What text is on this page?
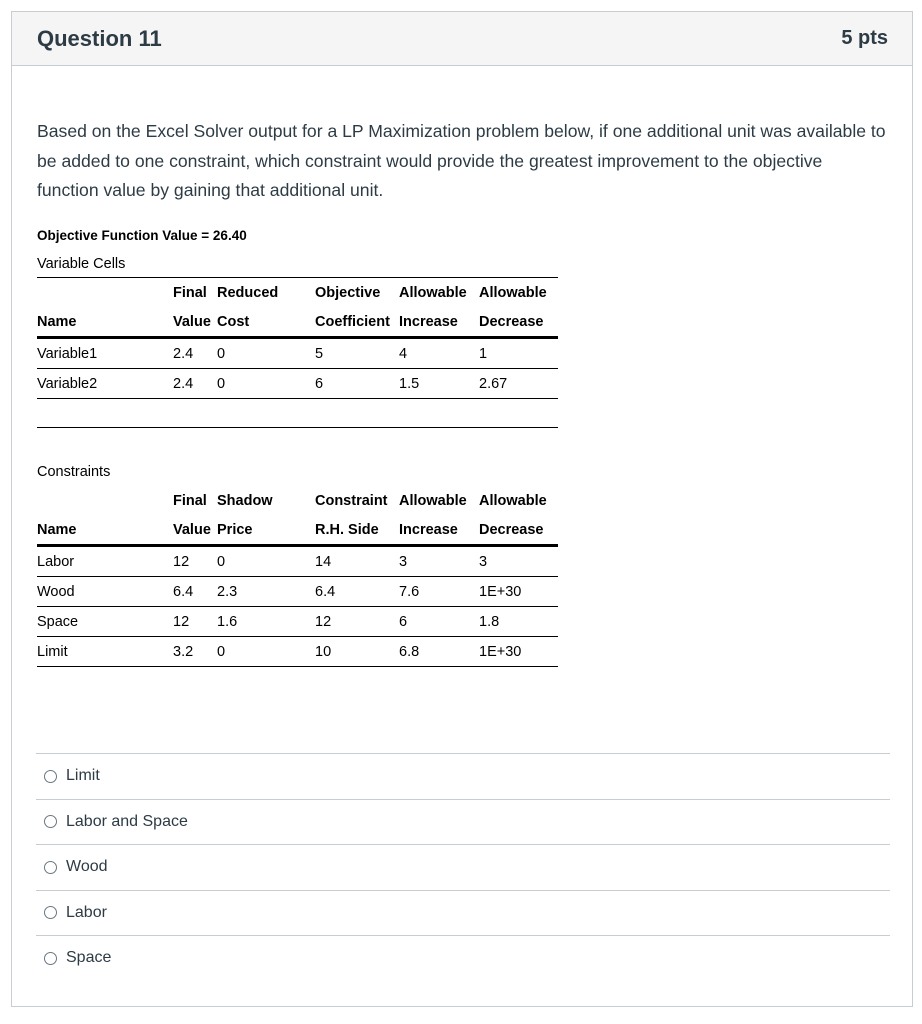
Question 11	5 pts

Based on the Excel Solver output for a LP Maximization problem below, if one additional unit was available to be added to one constraint, which constraint would provide the greatest improvement to the objective function value by gaining that additional unit.

Objective Function Value = 26.40
Variable Cells
	Final	Reduced	Objective	Allowable	Allowable
Name	Value	Cost	Coefficient	Increase	Decrease
Variable1	2.4	0	5	4	1
Variable2	2.4	0	6	1.5	2.67
Constraints
	Final	Shadow	Constraint	Allowable	Allowable
Name	Value	Price	R.H. Side	Increase	Decrease
Labor	12	0	14	3	3
Wood	6.4	2.3	6.4	7.6	1E+30
Space	12	1.6	12	6	1.8
Limit	3.2	0	10	6.8	1E+30
Limit
Labor and Space
Wood
Labor
Space
